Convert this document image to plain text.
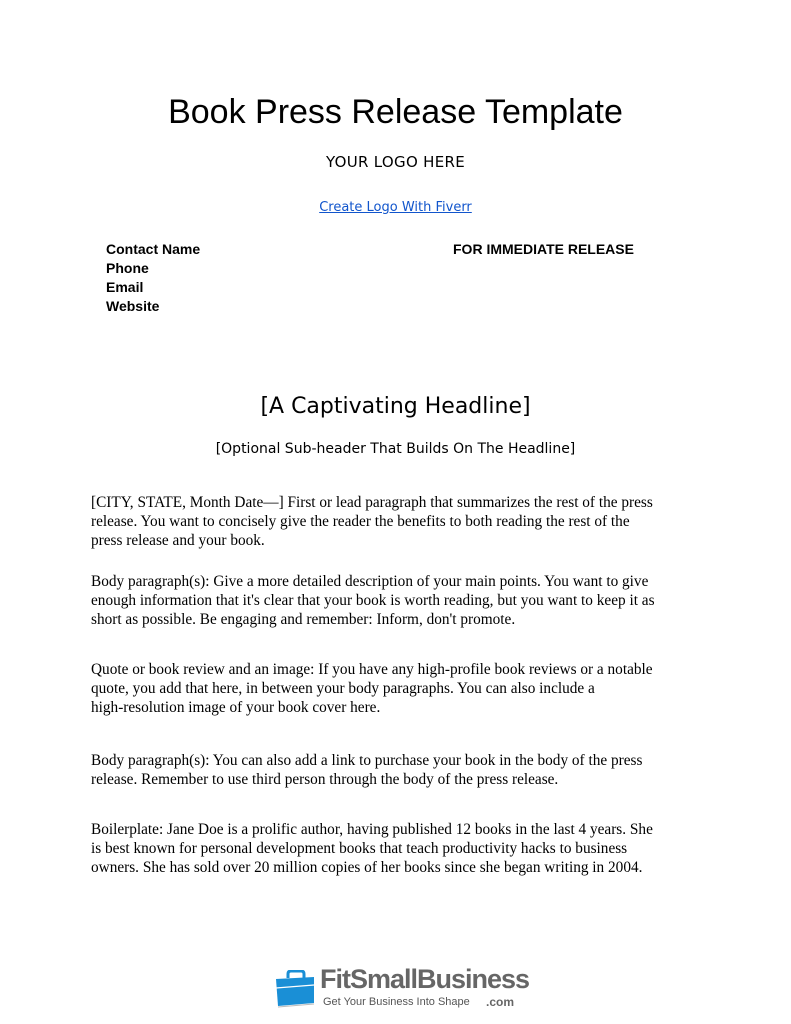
Book Press Release Template
YOUR LOGO HERE
Create Logo With Fiverr
Contact Name
Phone
Email
Website
FOR IMMEDIATE RELEASE
[A Captivating Headline]
[Optional Sub-header That Builds On The Headline]
[CITY, STATE, Month Date—] First or lead paragraph that summarizes the rest of the press
release. You want to concisely give the reader the benefits to both reading the rest of the
press release and your book.
Body paragraph(s): Give a more detailed description of your main points. You want to give
enough information that it's clear that your book is worth reading, but you want to keep it as
short as possible. Be engaging and remember: Inform, don't promote.
Quote or book review and an image: If you have any high-profile book reviews or a notable
quote, you add that here, in between your body paragraphs. You can also include a
high-resolution image of your book cover here.
Body paragraph(s): You can also add a link to purchase your book in the body of the press
release. Remember to use third person through the body of the press release.
Boilerplate: Jane Doe is a prolific author, having published 12 books in the last 4 years. She
is best known for personal development books that teach productivity hacks to business
owners. She has sold over 20 million copies of her books since she began writing in 2004.
FitSmallBusiness
Get Your Business Into Shape .com
